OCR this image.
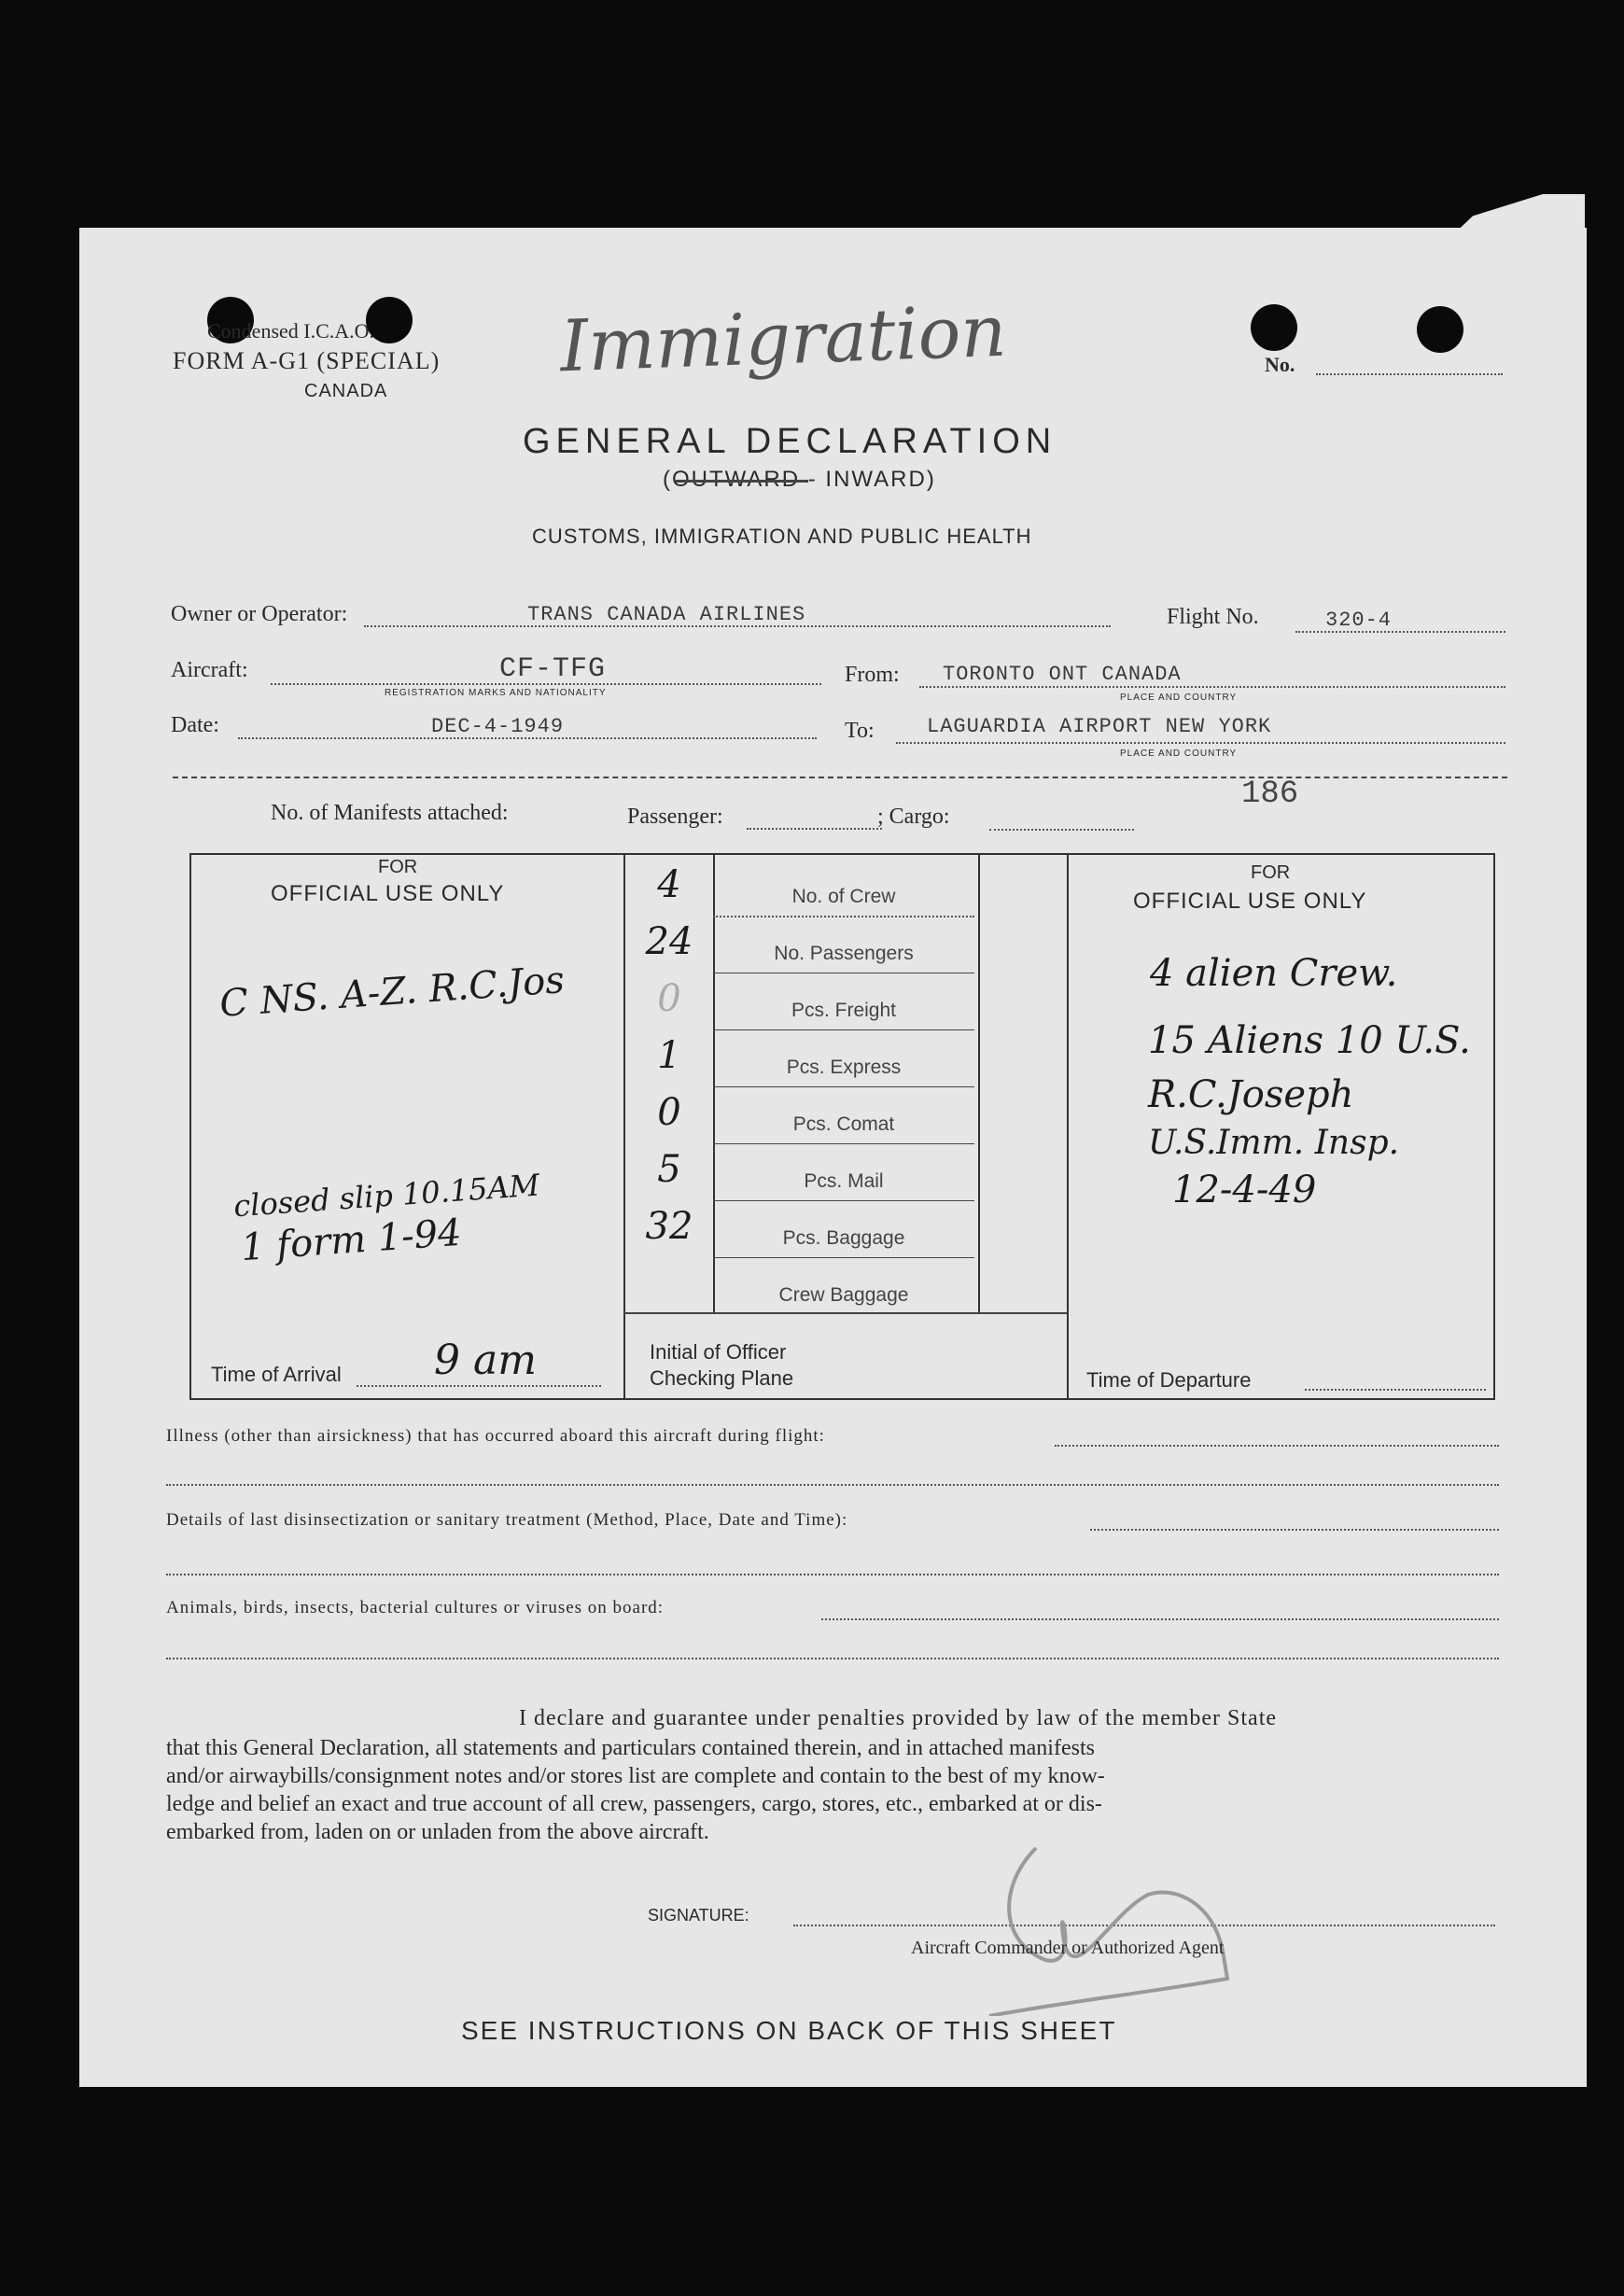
Condensed I.C.A.O.
FORM A-G1 (SPECIAL)
CANADA
Immigration	No.
GENERAL DECLARATION
(OUTWARD - INWARD)
CUSTOMS, IMMIGRATION AND PUBLIC HEALTH
Owner or Operator:	TRANS CANADA AIRLINES	Flight No.	320-4
Aircraft:	CF-TFG
REGISTRATION MARKS AND NATIONALITY
From: TORONTO ONT CANADA
PLACE AND COUNTRY
Date:	DEC-4-1949	To:	LAGUARDIA AIRPORT NEW YORK
PLACE AND COUNTRY
No. of Manifests attached:	Passenger:	; Cargo:
186
FOR
OFFICIAL USE ONLY
C NS. A-Z. R.C.Jos
closed slip 10.15AM
1 form 1-94
Time of Arrival 9 am
4	No. of Crew
24	No. Passengers
0	Pcs. Freight
1	Pcs. Express
0	Pcs. Comat
5	Pcs. Mail
32	Pcs. Baggage
Crew Baggage
Initial of Officer
Checking Plane
FOR
OFFICIAL USE ONLY
4 alien Crew.
15 Aliens 10 U.S.
R.C.Joseph
U.S.Imm. Insp.
12-4-49
Time of Departure
Illness (other than airsickness) that has occurred aboard this aircraft during flight:
Details of last disinsectization or sanitary treatment (Method, Place, Date and Time):
Animals, birds, insects, bacterial cultures or viruses on board:
I declare and guarantee under penalties provided by law of the member State
that this General Declaration, all statements and particulars contained therein, and in attached manifests
and/or airwaybills/consignment notes and/or stores list are complete and contain to the best of my know-
ledge and belief an exact and true account of all crew, passengers, cargo, stores, etc., embarked at or dis-
embarked from, laden on or unladen from the above aircraft.
SIGNATURE:
Aircraft Commander or Authorized Agent
SEE INSTRUCTIONS ON BACK OF THIS SHEET
